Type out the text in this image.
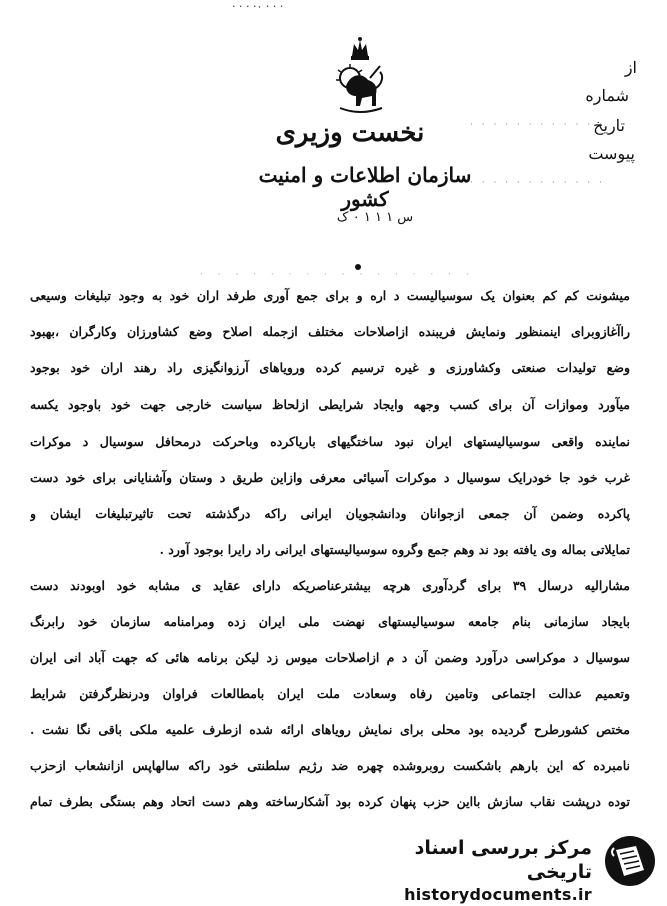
· · · ·۰ · · ·
نخست وزیری
سازمان اطلاعات و امنیت کشور
س ۱ ۱ ۱ ۰ ک
از
شماره
تاریخ
پیوست
· · · · · · · · · · · ·
· · · · · · · · · · · ·
· · · · · · · · · · · · · · · ·
میشونت کم کم بعنوان یک سوسیالیست د اره و برای جمع آوری طرفد اران خود به وجود تبلیغات وسیعی
راآغازوبرای اینمنظور ونمایش فریبنده ازاصلاحات مختلف ازجمله اصلاح وضع کشاورزان وکارگران ،بهبود
وضع تولیدات صنعتی وکشاورزی و غیره ترسیم کرده ورویاهای آرزوانگیزی راد رهند اران خود بوجود
میآورد وموازات آن برای کسب وجهه وایجاد شرایطی ازلحاظ سیاست خارجی جهت خود باوجود یکسه
نماینده واقعی سوسیالیستهای ایران نبود ساختگیهای باریاکرده وباحرکت درمحافل سوسیال د موکرات
غرب خود جا خودرایک سوسیال د موکرات آسیائی معرفی وازاین طریق د وستان وآشنایانی برای خود دست
پاکرده وضمن آن جمعی ازجوانان ودانشجویان ایرانی راکه درگذشته تحت تاثیرتبلیغات ایشان و
تمایلاتی بماله وی یافته بود ند وهم جمع وگروه سوسیالیستهای ایرانی راد رایرا بوجود آورد .
مشارالیه درسال ۳۹ برای گردآوری هرچه بیشترعناصریکه دارای عقاید ی مشابه خود اوبودند دست
بایجاد سازمانی بنام جامعه سوسیالیستهای نهضت ملی ایران زده ومرامنامه سازمان خود رابرنگ
سوسیال د موکراسی درآورد وضمن آن د م ازاصلاحات میوس زد لیکن برنامه هائی که جهت آباد انی ایران
وتعمیم عدالت اجتماعی وتامین رفاه وسعادت ملت ایران بامطالعات فراوان ودرنظرگرفتن شرایط
مختص کشورطرح گردیده بود محلی برای نمایش رویاهای ارائه شده ازطرف علمیه ملکی باقی نگا نشت .
نامبرده که این بارهم باشکست روبروشده چهره ضد رژیم سلطنتی خود راکه سالهاپس ازانشعاب ازحزب
توده درپشت نقاب سازش بااین حزب پنهان کرده بود آشکارساخته وهم دست اتحاد وهم بستگی بطرف تمام
مرکز بررسی اسناد تاریخی
historydocuments.ir
